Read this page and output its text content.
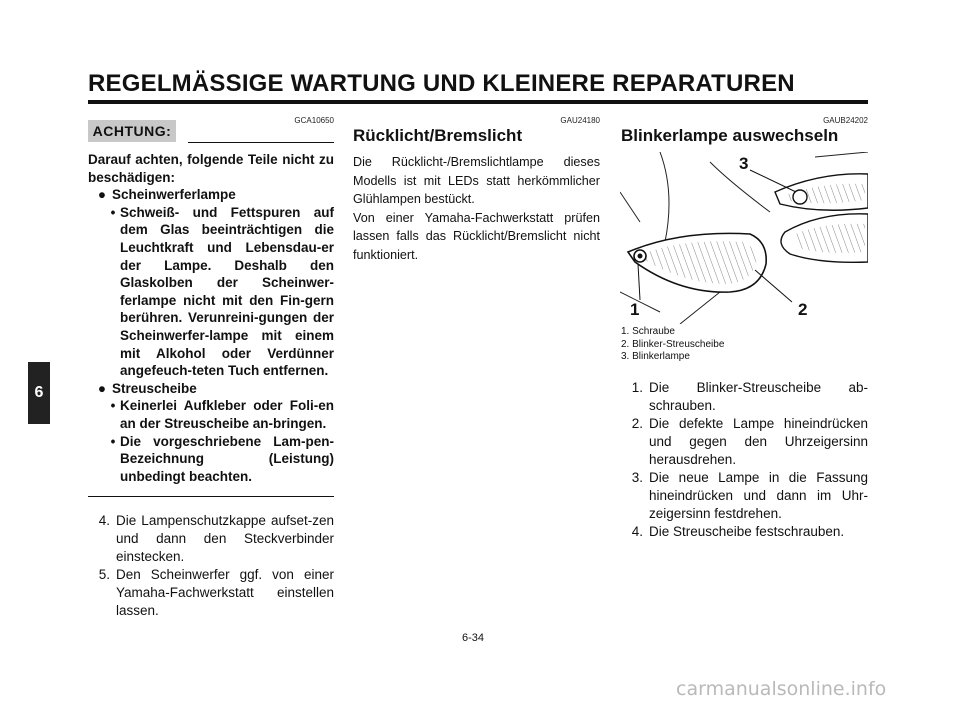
REGELMÄSSIGE WARTUNG UND KLEINERE REPARATUREN
6
GCA10650
ACHTUNG:

Darauf achten, folgende Teile nicht zu beschädigen:

● Scheinwerferlampe
• Schweiß- und Fettspuren auf dem Glas beeinträchtigen die Leuchtkraft und Lebensdau-er der Lampe. Deshalb den Glaskolben der Scheinwer-ferlampe nicht mit den Fin-gern berühren. Verunreini-gungen der Scheinwerfer-lampe mit einem mit Alkohol oder Verdünner angefeuch-teten Tuch entfernen.
● Streuscheibe
• Keinerlei Aufkleber oder Foli-en an der Streuscheibe an-bringen.
• Die vorgeschriebene Lam-pen-Bezeichnung (Leistung) unbedingt beachten.
4. Die Lampenschutzkappe aufset-zen und dann den Steckverbinder einstecken.
5. Den Scheinwerfer ggf. von einer Yamaha-Fachwerkstatt einstellen lassen.
GAU24180
Rücklicht/Bremslicht

Die Rücklicht-/Bremslichtlampe dieses Modells ist mit LEDs statt herkömmlicher Glühlampen bestückt.

Von einer Yamaha-Fachwerkstatt prüfen lassen falls das Rücklicht/Bremslicht nicht funktioniert.

GAUB24202
Blinkerlampe auswechseln
1	2
3
1. Schraube
2. Blinker-Streuscheibe
3. Blinkerlampe
1. Die Blinker-Streuscheibe ab-schrauben.
2. Die defekte Lampe hineindrücken und gegen den Uhrzeigersinn herausdrehen.
3. Die neue Lampe in die Fassung hineindrücken und dann im Uhr-zeigersinn festdrehen.
4. Die Streuscheibe festschrauben.
6-34
carmanualsonline.info
